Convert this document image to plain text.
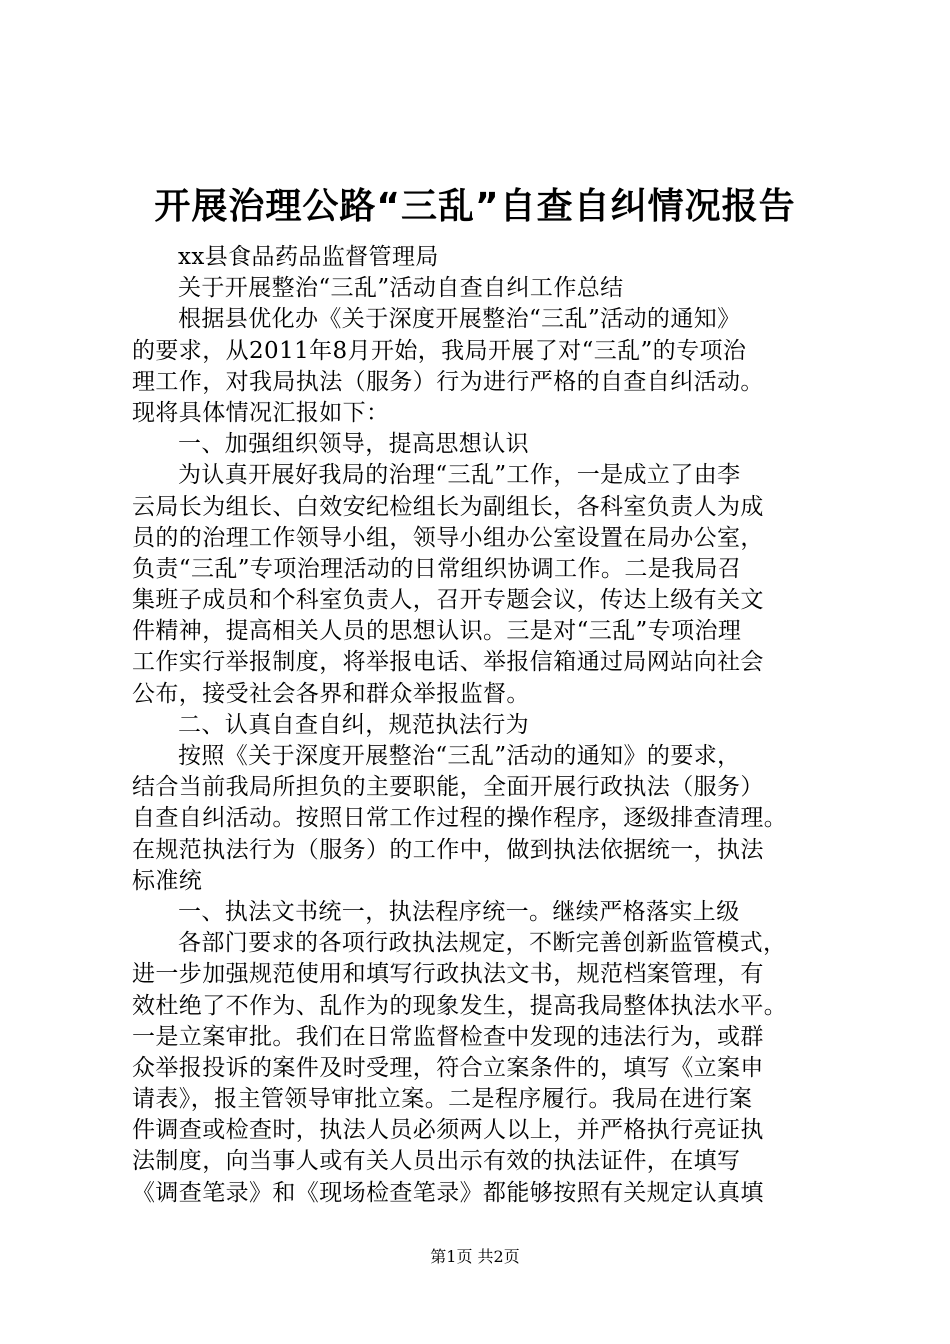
开展治理公路“三乱”自查自纠情况报告
xx县食品药品监督管理局
关于开展整治“三乱”活动自查自纠工作总结
根据县优化办《关于深度开展整治“三乱”活动的通知》
的要求，从2011年8月开始，我局开展了对“三乱”的专项治
理工作，对我局执法（服务）行为进行严格的自查自纠活动。
现将具体情况汇报如下：
一、加强组织领导，提高思想认识
为认真开展好我局的治理“三乱”工作，一是成立了由李
云局长为组长、白效安纪检组长为副组长，各科室负责人为成
员的的治理工作领导小组，领导小组办公室设置在局办公室，
负责“三乱”专项治理活动的日常组织协调工作。二是我局召
集班子成员和个科室负责人，召开专题会议，传达上级有关文
件精神，提高相关人员的思想认识。三是对“三乱”专项治理
工作实行举报制度，将举报电话、举报信箱通过局网站向社会
公布，接受社会各界和群众举报监督。
二、认真自查自纠，规范执法行为
按照《关于深度开展整治“三乱”活动的通知》的要求，
结合当前我局所担负的主要职能，全面开展行政执法（服务）
自查自纠活动。按照日常工作过程的操作程序，逐级排查清理。
在规范执法行为（服务）的工作中，做到执法依据统一，执法
标准统
一、执法文书统一，执法程序统一。继续严格落实上级
各部门要求的各项行政执法规定，不断完善创新监管模式，
进一步加强规范使用和填写行政执法文书，规范档案管理，有
效杜绝了不作为、乱作为的现象发生，提高我局整体执法水平。
一是立案审批。我们在日常监督检查中发现的违法行为，或群
众举报投诉的案件及时受理，符合立案条件的，填写《立案申
请表》，报主管领导审批立案。二是程序履行。我局在进行案
件调查或检查时，执法人员必须两人以上，并严格执行亮证执
法制度，向当事人或有关人员出示有效的执法证件，在填写
《调查笔录》和《现场检查笔录》都能够按照有关规定认真填
第1页 共2页
